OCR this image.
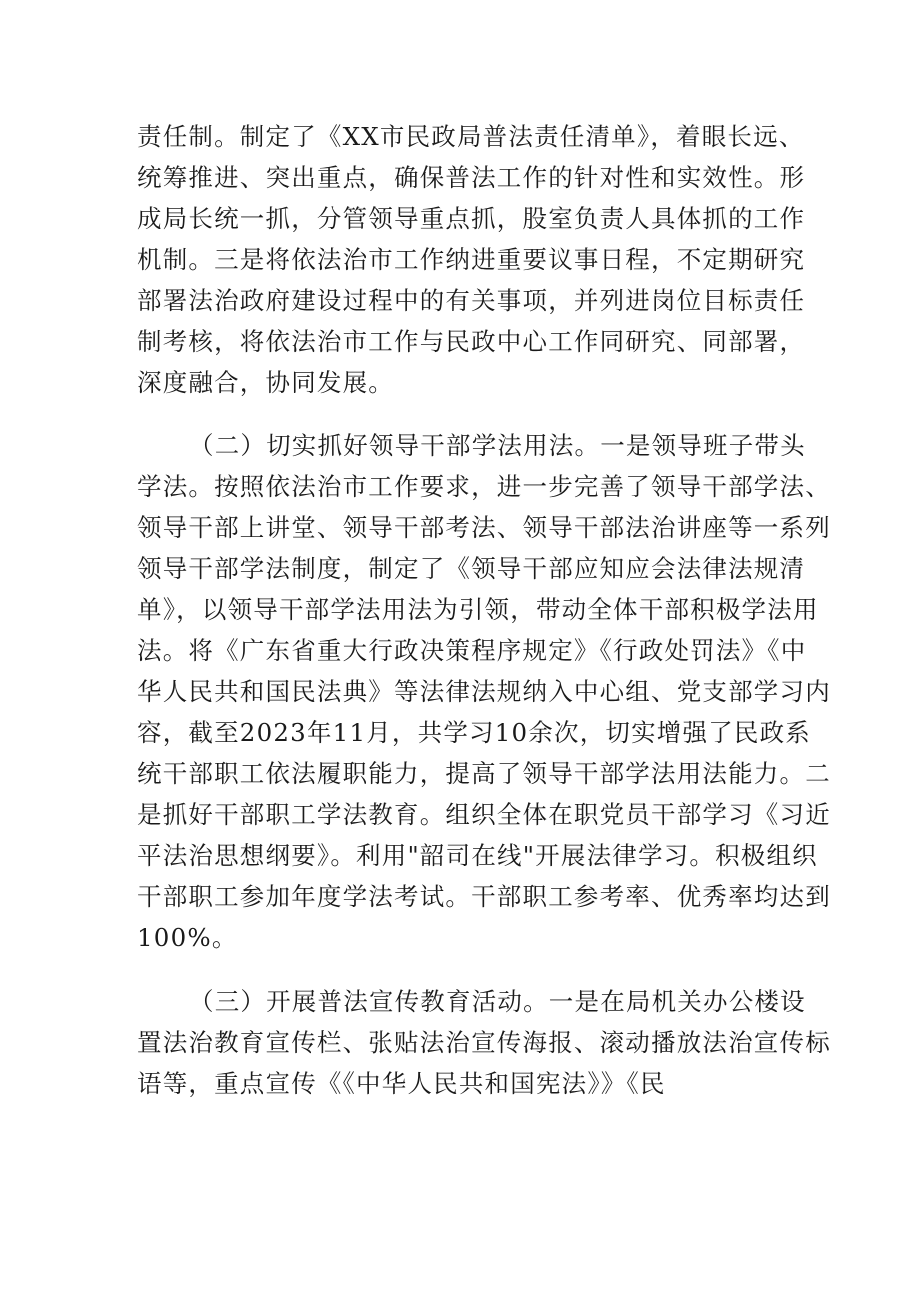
责任制。制定了《XX市民政局普法责任清单》，着眼长远、
统筹推进、突出重点，确保普法工作的针对性和实效性。形
成局长统一抓，分管领导重点抓，股室负责人具体抓的工作
机制。三是将依法治市工作纳进重要议事日程，不定期研究
部署法治政府建设过程中的有关事项，并列进岗位目标责任
制考核，将依法治市工作与民政中心工作同研究、同部署，
深度融合，协同发展。
（二）切实抓好领导干部学法用法。一是领导班子带头
学法。按照依法治市工作要求，进一步完善了领导干部学法、
领导干部上讲堂、领导干部考法、领导干部法治讲座等一系列
领导干部学法制度，制定了《领导干部应知应会法律法规清
单》，以领导干部学法用法为引领，带动全体干部积极学法用
法。将《广东省重大行政决策程序规定》《行政处罚法》《中
华人民共和国民法典》等法律法规纳入中心组、党支部学习内
容，截至2023年11月，共学习10余次，切实增强了民政系
统干部职工依法履职能力，提高了领导干部学法用法能力。二
是抓好干部职工学法教育。组织全体在职党员干部学习《习近
平法治思想纲要》。利用"韶司在线"开展法律学习。积极组织
干部职工参加年度学法考试。干部职工参考率、优秀率均达到
100%。
（三）开展普法宣传教育活动。一是在局机关办公楼设
置法治教育宣传栏、张贴法治宣传海报、滚动播放法治宣传标
语等，重点宣传《《中华人民共和国宪法》》《民
